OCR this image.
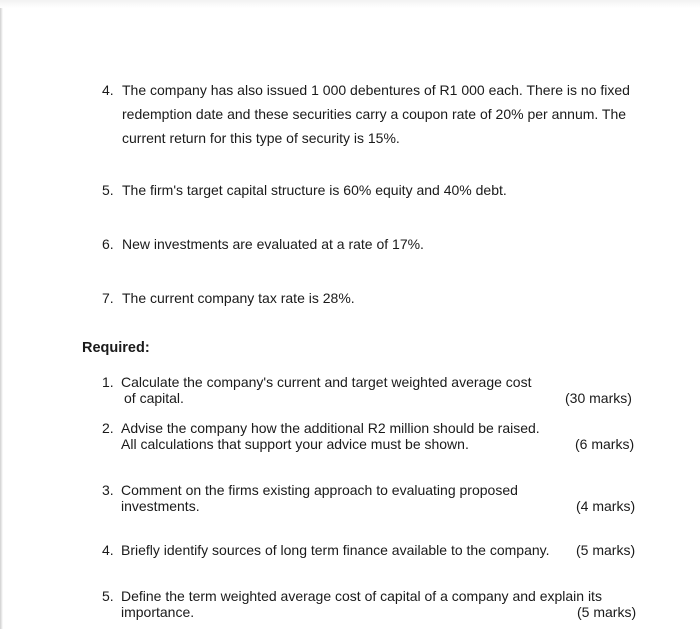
4. The company has also issued 1 000 debentures of R1 000 each. There is no fixed redemption date and these securities carry a coupon rate of 20% per annum. The current return for this type of security is 15%.
5. The firm's target capital structure is 60% equity and 40% debt.
6. New investments are evaluated at a rate of 17%.
7. The current company tax rate is 28%.
Required:
1. Calculate the company's current and target weighted average cost
of capital.	(30 marks)
2. Advise the company how the additional R2 million should be raised.
All calculations that support your advice must be shown.	(6 marks)
3. Comment on the firms existing approach to evaluating proposed
investments.	(4 marks)
4. Briefly identify sources of long term finance available to the company.	(5 marks)
5. Define the term weighted average cost of capital of a company and explain its
importance.	(5 marks)
